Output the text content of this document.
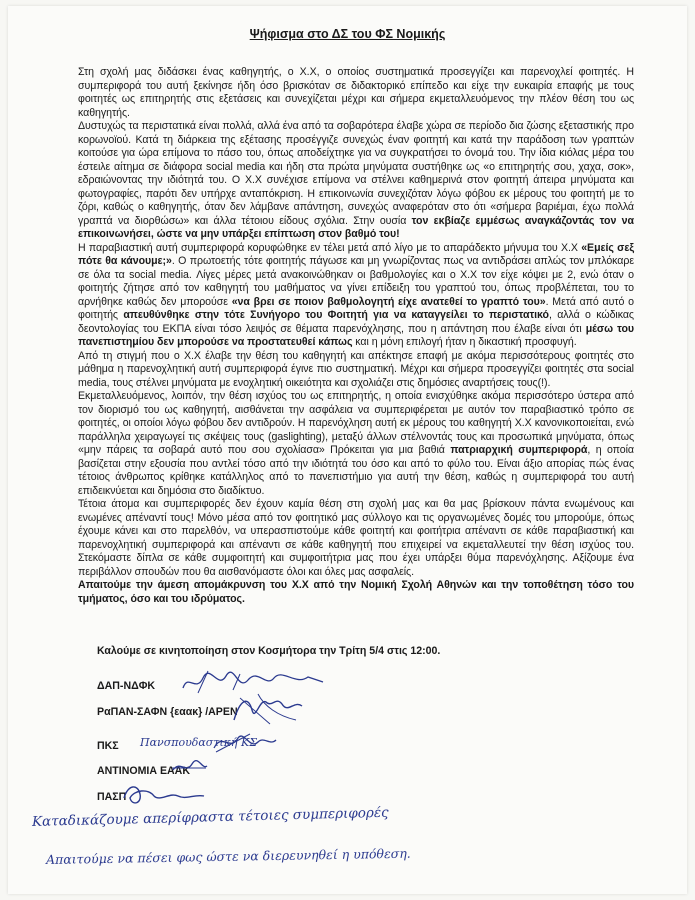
Ψήφισμα στο ΔΣ του ΦΣ Νομικής

Στη σχολή μας διδάσκει ένας καθηγητής, ο Χ.Χ, ο οποίος συστηματικά προσεγγίζει και παρενοχλεί φοιτητές. Η συμπεριφορά του αυτή ξεκίνησε ήδη όσο βρισκόταν σε διδακτορικό επίπεδο και είχε την ευκαιρία επαφής με τους φοιτητές ως επιτηρητής στις εξετάσεις και συνεχίζεται μέχρι και σήμερα εκμεταλλευόμενος την πλέον θέση του ως καθηγητής.

Δυστυχώς τα περιστατικά είναι πολλά, αλλά ένα από τα σοβαρότερα έλαβε χώρα σε περίοδο δια ζώσης εξεταστικής προ κορωνοϊού. Κατά τη διάρκεια της εξέτασης προσέγγιζε συνεχώς έναν φοιτητή και κατά την παράδοση των γραπτών κοιτούσε για ώρα επίμονα το πάσο του, όπως αποδείχτηκε για να συγκρατήσει το όνομά του. Την ίδια κιόλας μέρα του έστειλε αίτημα σε διάφορα social media και ήδη στα πρώτα μηνύματα συστήθηκε ως «ο επιτηρητής σου, χαχα, σοκ», εδραιώνοντας την ιδιότητά του. Ο Χ.Χ συνέχισε επίμονα να στέλνει καθημερινά στον φοιτητή άπειρα μηνύματα και φωτογραφίες, παρότι δεν υπήρχε ανταπόκριση. Η επικοινωνία συνεχιζόταν λόγω φόβου εκ μέρους του φοιτητή με το ζόρι, καθώς ο καθηγητής, όταν δεν λάμβανε απάντηση, συνεχώς αναφερόταν στο ότι «σήμερα βαριέμαι, έχω πολλά γραπτά να διορθώσω» και άλλα τέτοιου είδους σχόλια. Στην ουσία τον εκβίαζε εμμέσως αναγκάζοντάς τον να επικοινωνήσει, ώστε να μην υπάρξει επίπτωση στον βαθμό του!

Η παραβιαστική αυτή συμπεριφορά κορυφώθηκε εν τέλει μετά από λίγο με το απαράδεκτο μήνυμα του Χ.Χ «Εμείς σεξ πότε θα κάνουμε;». Ο πρωτοετής τότε φοιτητής πάγωσε και μη γνωρίζοντας πως να αντιδράσει απλώς τον μπλόκαρε σε όλα τα social media. Λίγες μέρες μετά ανακοινώθηκαν οι βαθμολογίες και ο Χ.Χ τον είχε κόψει με 2, ενώ όταν ο φοιτητής ζήτησε από τον καθηγητή του μαθήματος να γίνει επίδειξη του γραπτού του, όπως προβλέπεται, του το αρνήθηκε καθώς δεν μπορούσε «να βρει σε ποιον βαθμολογητή είχε ανατεθεί το γραπτό του». Μετά από αυτό ο φοιτητής απευθύνθηκε στην τότε Συνήγορο του Φοιτητή για να καταγγείλει το περιστατικό, αλλά ο κώδικας δεοντολογίας του ΕΚΠΑ είναι τόσο λειψός σε θέματα παρενόχλησης, που η απάντηση που έλαβε είναι ότι μέσω του πανεπιστημίου δεν μπορούσε να προστατευθεί κάπως και η μόνη επιλογή ήταν η δικαστική προσφυγή.

Από τη στιγμή που ο Χ.Χ έλαβε την θέση του καθηγητή και απέκτησε επαφή με ακόμα περισσότερους φοιτητές στο μάθημα η παρενοχλητική αυτή συμπεριφορά έγινε πιο συστηματική. Μέχρι και σήμερα προσεγγίζει φοιτητές στα social media, τους στέλνει μηνύματα με ενοχλητική οικειότητα και σχολιάζει στις δημόσιες αναρτήσεις τους(!).

Εκμεταλλευόμενος, λοιπόν, την θέση ισχύος του ως επιτηρητής, η οποία ενισχύθηκε ακόμα περισσότερο ύστερα από τον διορισμό του ως καθηγητή, αισθάνεται την ασφάλεια να συμπεριφέρεται με αυτόν τον παραβιαστικό τρόπο σε φοιτητές, οι οποίοι λόγω φόβου δεν αντιδρούν. Η παρενόχληση αυτή εκ μέρους του καθηγητή Χ.Χ κανονικοποιείται, ενώ παράλληλα χειραγωγεί τις σκέψεις τους (gaslighting), μεταξύ άλλων στέλνοντάς τους και προσωπικά μηνύματα, όπως «μην πάρεις τα σοβαρά αυτό που σου σχολίασα» Πρόκειται για μια βαθιά πατριαρχική συμπεριφορά, η οποία βασίζεται στην εξουσία που αντλεί τόσο από την ιδιότητά του όσο και από το φύλο του. Είναι άξιο απορίας πώς ένας τέτοιος άνθρωπος κρίθηκε κατάλληλος από το πανεπιστήμιο για αυτή την θέση, καθώς η συμπεριφορά του αυτή επιδεικνύεται και δημόσια στο διαδίκτυο.

Τέτοια άτομα και συμπεριφορές δεν έχουν καμία θέση στη σχολή μας και θα μας βρίσκουν πάντα ενωμένους και ενωμένες απέναντί τους! Μόνο μέσα από τον φοιτητικό μας σύλλογο και τις οργανωμένες δομές του μπορούμε, όπως έχουμε κάνει και στο παρελθόν, να υπερασπιστούμε κάθε φοιτητή και φοιτήτρια απέναντι σε κάθε παραβιαστική και παρενοχλητική συμπεριφορά και απέναντι σε κάθε καθηγητή που επιχειρεί να εκμεταλλευτεί την θέση ισχύος του. Στεκόμαστε δίπλα σε κάθε συμφοιτητή και συμφοιτήτρια μας που έχει υπάρξει θύμα παρενόχλησης. Αξίζουμε ένα περιβάλλον σπουδών που θα αισθανόμαστε όλοι και όλες μας ασφαλείς.

Απαιτούμε την άμεση απομάκρυνση του Χ.Χ από την Νομική Σχολή Αθηνών και την τοποθέτηση τόσο του τμήματος, όσο και του ιδρύματος.

Καλούμε σε κινητοποίηση στον Κοσμήτορα την Τρίτη 5/4 στις 12:00.
ΔΑΠ-ΝΔΦΚ
ΡαΠΑΝ-ΣΑΦΝ {εαακ} /ΑΡΕΝ
ΠΚΣ Πανσπουδαστική ΚΣ
ΑΝΤΙΝΟΜΙΑ ΕΑΑΚ
ΠΑΣΠ
Καταδικάζουμε απερίφραστα τέτοιες συμπεριφορές
Απαιτούμε να πέσει φως ώστε να διερευνηθεί η υπόθεση.
